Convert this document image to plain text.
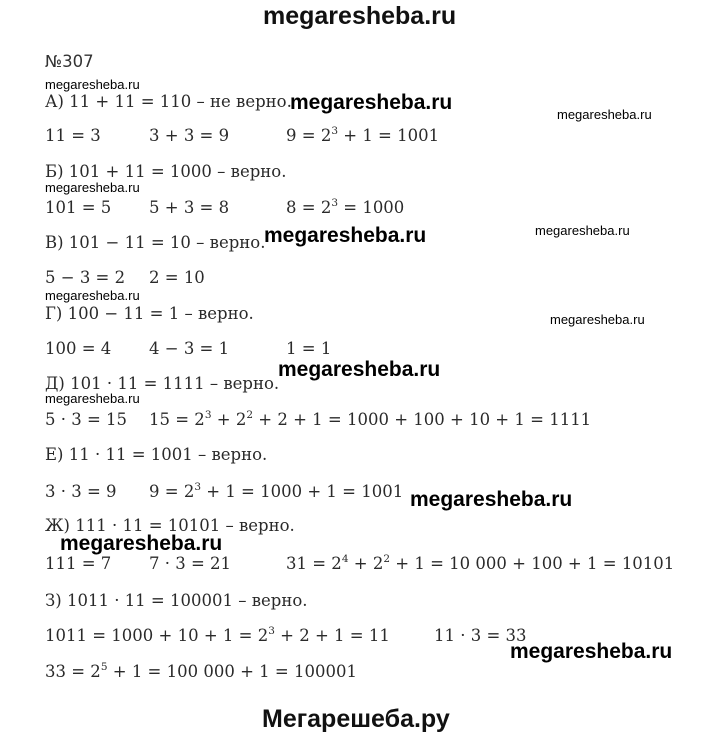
megaresheba.ru
№307
megaresheba.ru
А) 11 + 11 = 110 – не верно.
megaresheba.ru
megaresheba.ru
11 = 3	3 + 3 = 9	$9 = 2^3 + 1 = 1001$
Б) 101 + 11 = 1000 – верно.
megaresheba.ru
101 = 5 5 + 3 = 8	$8 = 2^3 = 1000$
В) 101 − 11 = 10 – верно.
megaresheba.ru	megaresheba.ru
5 − 3 = 2 2 = 10
megaresheba.ru
Г) 100 − 11 = 1 – верно.	megaresheba.ru
100 = 4 4 − 3 = 1	1 = 1
megaresheba.ru
Д) 101 · 11 = 1111 – верно.
megaresheba.ru
5 · 3 = 15 $15 = 2^3 + 2^2 + 2 + 1 = 1000 + 100 + 10 + 1 = 1111$
Е) 11 · 11 = 1001 – верно.
3 · 3 = 9 $9 = 2^3 + 1 = 1000 + 1 = 1001$ megaresheba.ru
Ж) 111 · 11 = 10101 – верно.
megaresheba.ru
111 = 7 7 · 3 = 21	$31 = 2^4 + 2^2 + 1 = 10$ 000 + 100 + 1 = 10101
З) 1011 · 11 = 100001 – верно.
$1011 = 1000 + 10 + 1 = 2^3 + 2 + 1 = 11$	11 · 3 = 33
megaresheba.ru
$33 = 2^5 + 1 = 100$ 000 + 1 = 100001
Мегарешеба.ру
